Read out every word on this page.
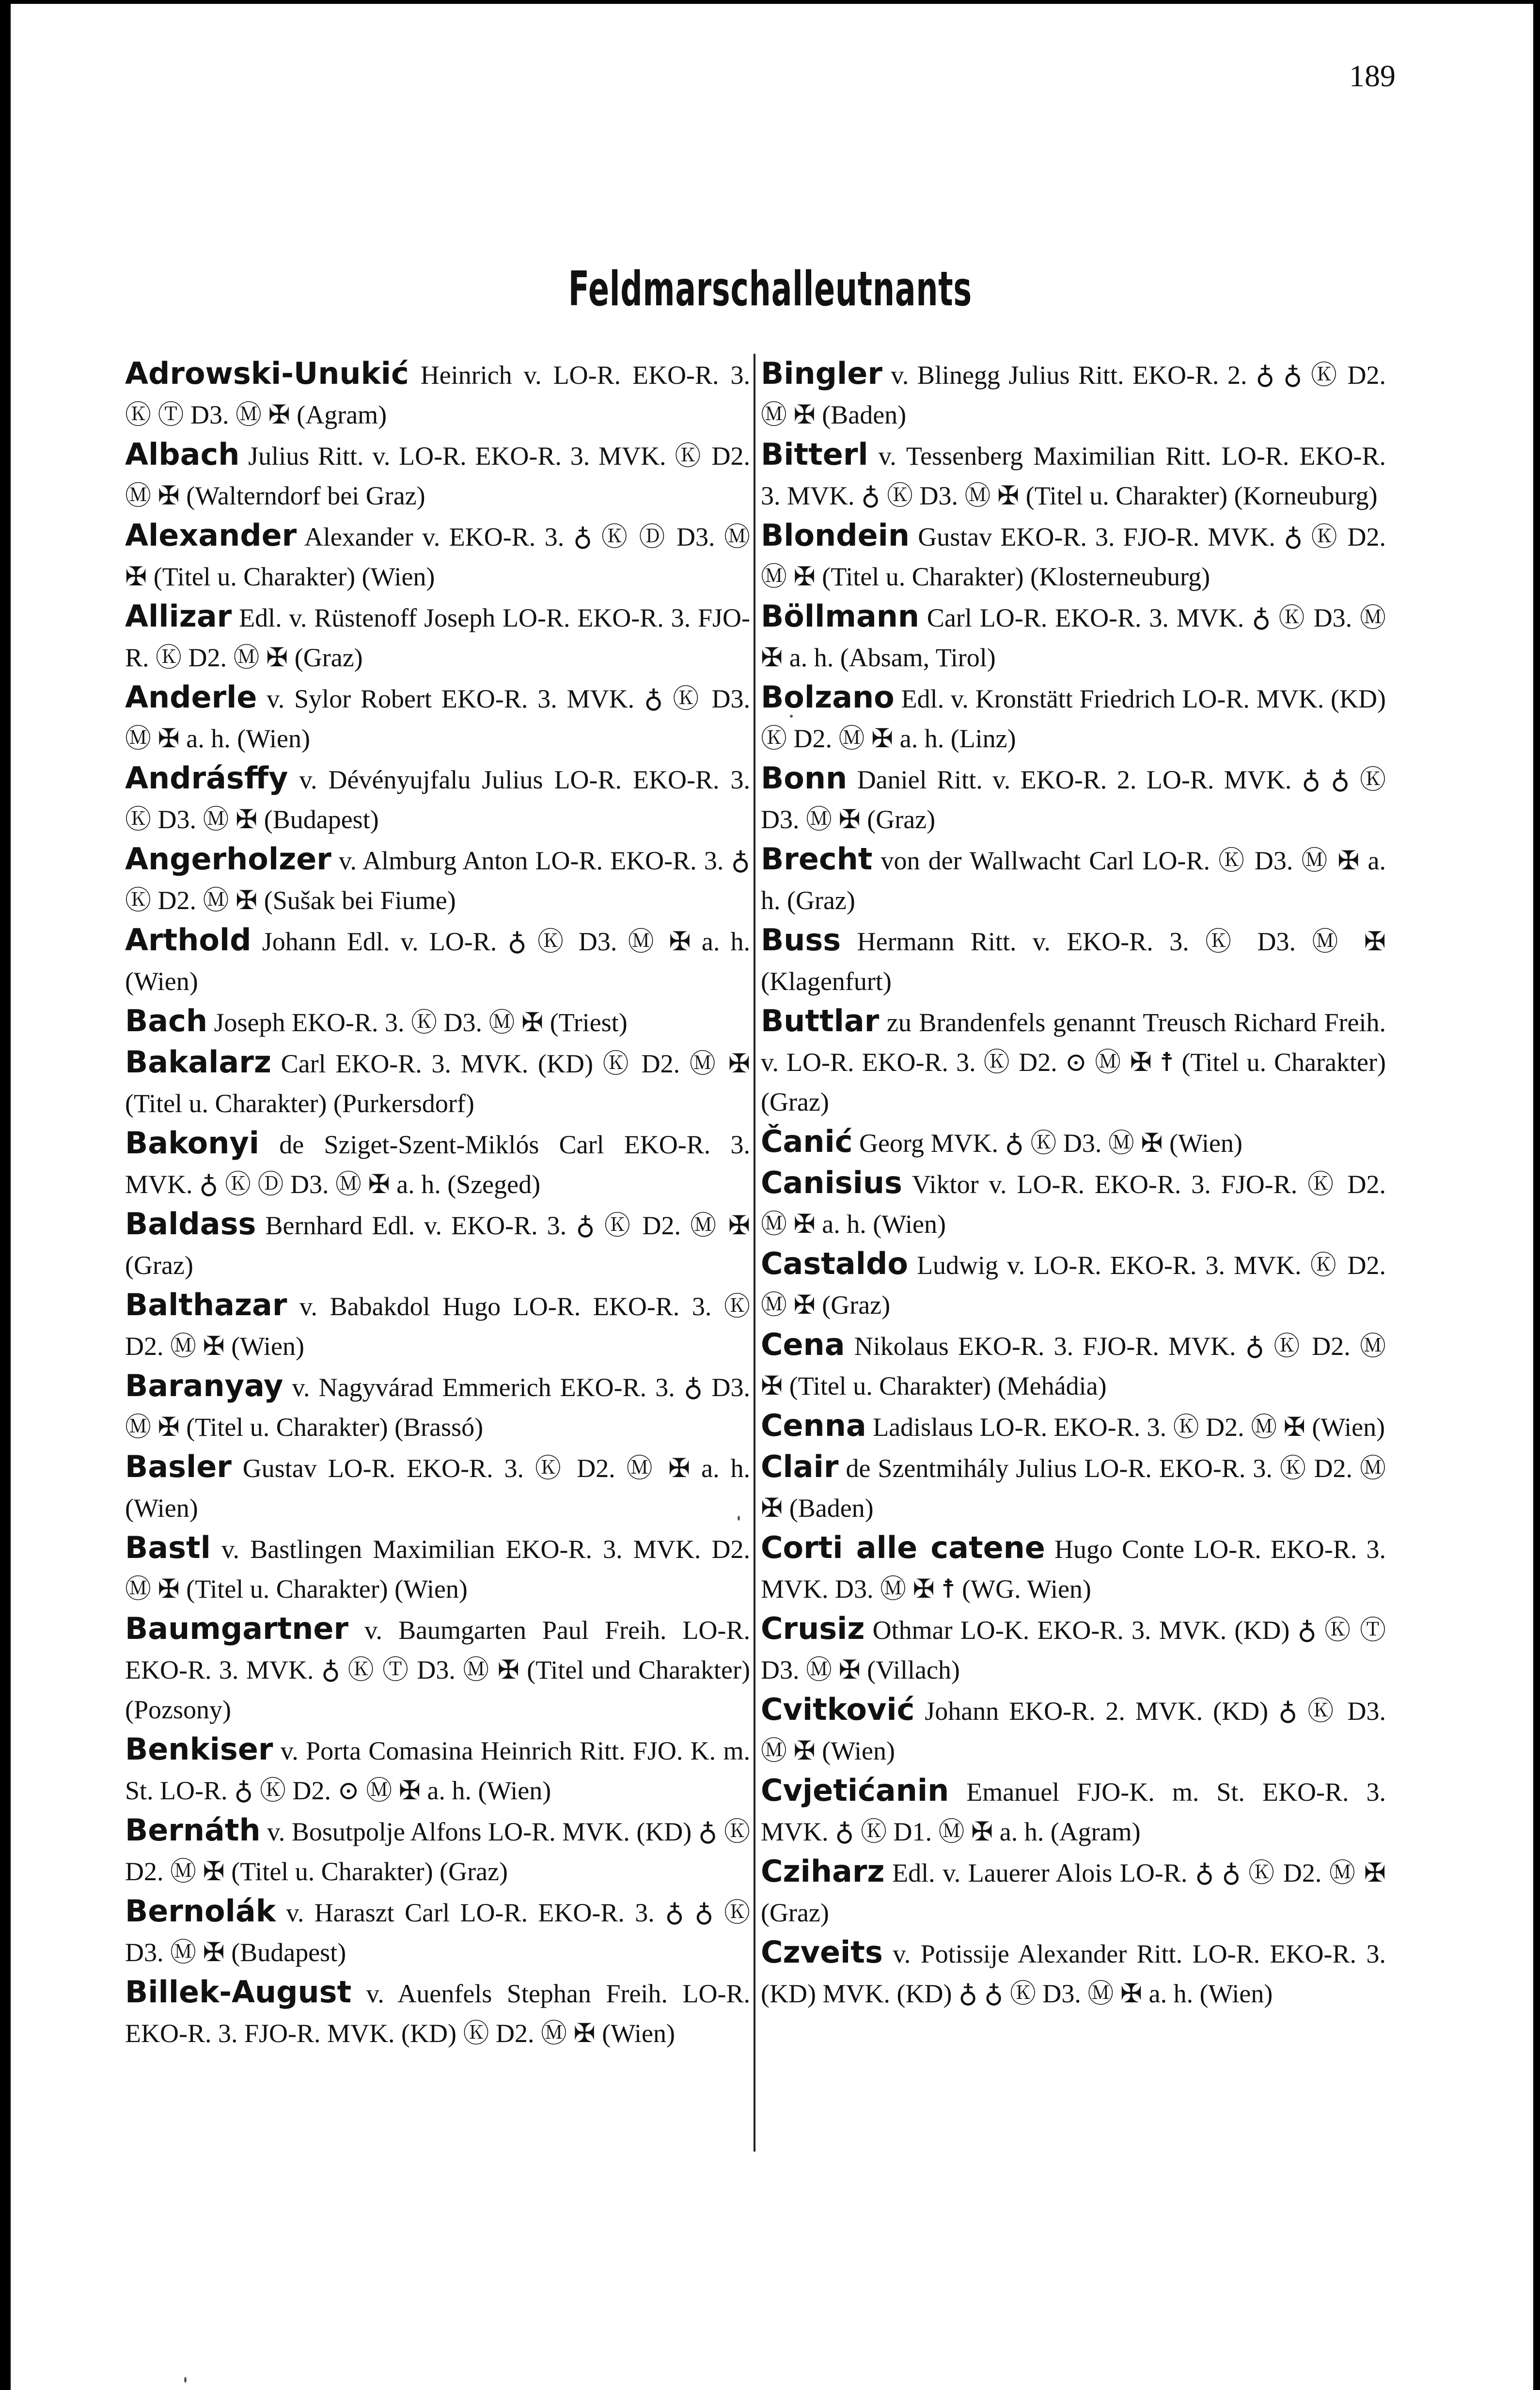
189
Feldmarschalleutnants

Adrowski-Unukić Heinrich v. LO-R. EKO-R. 3. Ⓚ Ⓣ D3. Ⓜ ✠ (Agram)

Albach Julius Ritt. v. LO-R. EKO-R. 3. MVK. Ⓚ D2. Ⓜ ✠ (Walterndorf bei Graz)

Alexander Alexander v. EKO-R. 3. ♁ Ⓚ Ⓓ D3. Ⓜ ✠ (Titel u. Charakter) (Wien)

Allizar Edl. v. Rüstenoff Joseph LO-R. EKO-R. 3. FJO-R. Ⓚ D2. Ⓜ ✠ (Graz)

Anderle v. Sylor Robert EKO-R. 3. MVK. ♁ Ⓚ D3. Ⓜ ✠ a. h. (Wien)

Andrásffy v. Dévényujfalu Julius LO-R. EKO-R. 3. Ⓚ D3. Ⓜ ✠ (Budapest)

Angerholzer v. Almburg Anton LO-R. EKO-R. 3. ♁ Ⓚ D2. Ⓜ ✠ (Sušak bei Fiume)

Arthold Johann Edl. v. LO-R. ♁ Ⓚ D3. Ⓜ ✠ a. h. (Wien)

Bach Joseph EKO-R. 3. Ⓚ D3. Ⓜ ✠ (Triest)

Bakalarz Carl EKO-R. 3. MVK. (KD) Ⓚ D2. Ⓜ ✠ (Titel u. Charakter) (Purkersdorf)

Bakonyi de Sziget-Szent-Miklós Carl EKO-R. 3. MVK. ♁ Ⓚ Ⓓ D3. Ⓜ ✠ a. h. (Szeged)

Baldass Bernhard Edl. v. EKO-R. 3. ♁ Ⓚ D2. Ⓜ ✠ (Graz)

Balthazar v. Babakdol Hugo LO-R. EKO-R. 3. Ⓚ D2. Ⓜ ✠ (Wien)

Baranyay v. Nagyvárad Emmerich EKO-R. 3. ♁ D3. Ⓜ ✠ (Titel u. Charakter) (Brassó)

Basler Gustav LO-R. EKO-R. 3. Ⓚ D2. Ⓜ ✠ a. h. (Wien)

Bastl v. Bastlingen Maximilian EKO-R. 3. MVK. D2. Ⓜ ✠ (Titel u. Charakter) (Wien)

Baumgartner v. Baumgarten Paul Freih. LO-R. EKO-R. 3. MVK. ♁ Ⓚ Ⓣ D3. Ⓜ ✠ (Titel und Charakter) (Pozsony)

Benkiser v. Porta Comasina Heinrich Ritt. FJO. K. m. St. LO-R. ♁ Ⓚ D2. ⊙ Ⓜ ✠ a. h. (Wien)

Bernáth v. Bosutpolje Alfons LO-R. MVK. (KD) ♁ Ⓚ D2. Ⓜ ✠ (Titel u. Charakter) (Graz)

Bernolák v. Haraszt Carl LO-R. EKO-R. 3. ♁ ♁ Ⓚ D3. Ⓜ ✠ (Budapest)

Billek-August v. Auenfels Stephan Freih. LO-R. EKO-R. 3. FJO-R. MVK. (KD) Ⓚ D2. Ⓜ ✠ (Wien)

Bingler v. Blinegg Julius Ritt. EKO-R. 2. ♁ ♁ Ⓚ D2. Ⓜ ✠ (Baden)

Bitterl v. Tessenberg Maximilian Ritt. LO-R. EKO-R. 3. MVK. ♁ Ⓚ D3. Ⓜ ✠ (Titel u. Charakter) (Korneuburg)

Blondein Gustav EKO-R. 3. FJO-R. MVK. ♁ Ⓚ D2. Ⓜ ✠ (Titel u. Charakter) (Klosterneuburg)

Böllmann Carl LO-R. EKO-R. 3. MVK. ♁ Ⓚ D3. Ⓜ ✠ a. h. (Absam, Tirol)

Bolzano Edl. v. Kronstätt Friedrich LO-R. MVK. (KD) Ⓚ D2. Ⓜ ✠ a. h. (Linz)

Bonn Daniel Ritt. v. EKO-R. 2. LO-R. MVK. ♁ ♁ Ⓚ D3. Ⓜ ✠ (Graz)

Brecht von der Wallwacht Carl LO-R. Ⓚ D3. Ⓜ ✠ a. h. (Graz)

Buss Hermann Ritt. v. EKO-R. 3. Ⓚ D3. Ⓜ ✠ (Klagenfurt)

Buttlar zu Brandenfels genannt Treusch Richard Freih. v. LO-R. EKO-R. 3. Ⓚ D2. ⊙ Ⓜ ✠ ☨ (Titel u. Charakter) (Graz)

Čanić Georg MVK. ♁ Ⓚ D3. Ⓜ ✠ (Wien)

Canisius Viktor v. LO-R. EKO-R. 3. FJO-R. Ⓚ D2. Ⓜ ✠ a. h. (Wien)

Castaldo Ludwig v. LO-R. EKO-R. 3. MVK. Ⓚ D2. Ⓜ ✠ (Graz)

Cena Nikolaus EKO-R. 3. FJO-R. MVK. ♁ Ⓚ D2. Ⓜ ✠ (Titel u. Charakter) (Mehádia)

Cenna Ladislaus LO-R. EKO-R. 3. Ⓚ D2. Ⓜ ✠ (Wien)

Clair de Szentmihály Julius LO-R. EKO-R. 3. Ⓚ D2. Ⓜ ✠ (Baden)

Corti alle catene Hugo Conte LO-R. EKO-R. 3. MVK. D3. Ⓜ ✠ ☨ (WG. Wien)

Crusiz Othmar LO-K. EKO-R. 3. MVK. (KD) ♁ Ⓚ Ⓣ D3. Ⓜ ✠ (Villach)

Cvitković Johann EKO-R. 2. MVK. (KD) ♁ Ⓚ D3. Ⓜ ✠ (Wien)

Cvjetićanin Emanuel FJO-K. m. St. EKO-R. 3. MVK. ♁ Ⓚ D1. Ⓜ ✠ a. h. (Agram)

Cziharz Edl. v. Lauerer Alois LO-R. ♁ ♁ Ⓚ D2. Ⓜ ✠ (Graz)

Czveits v. Potissije Alexander Ritt. LO-R. EKO-R. 3. (KD) MVK. (KD) ♁ ♁ Ⓚ D3. Ⓜ ✠ a. h. (Wien)
